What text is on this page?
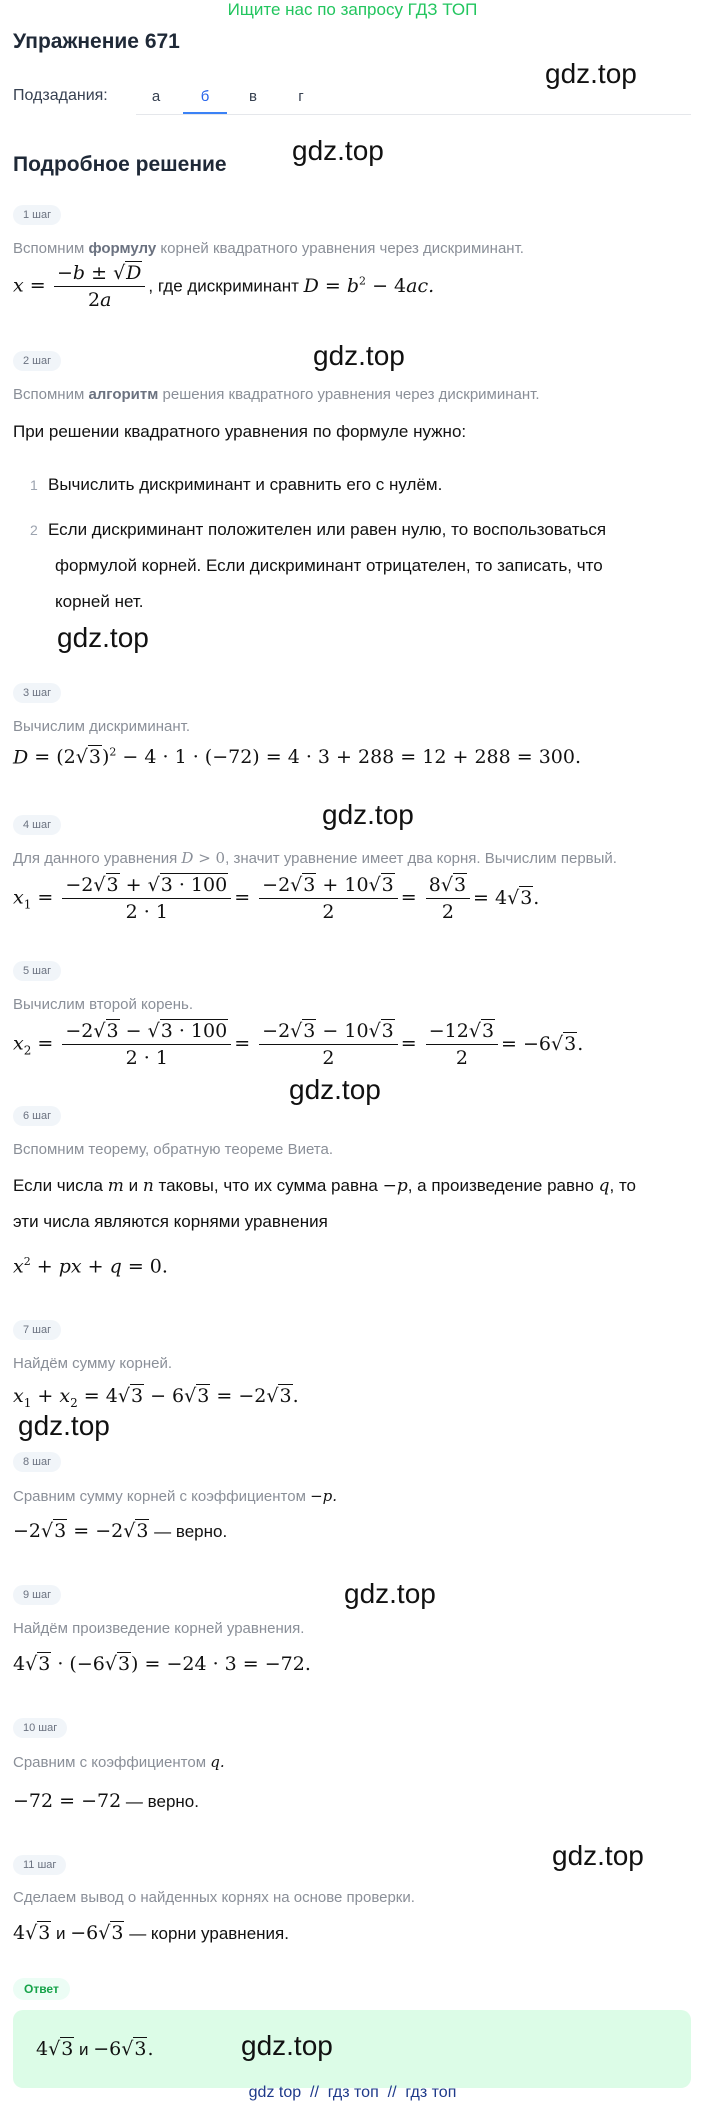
Ищите нас по запросу ГДЗ ТОП
Упражнение 671
Подзадания:	а	б	в	г
gdz.top
gdz.top
gdz.top
gdz.top
gdz.top
gdz.top
gdz.top
gdz.top
gdz.top
Подробное решение
1 шаг
Вспомним формулу корней квадратного уравнения через дискриминант.
$x = \frac{-b \pm √D}{2a}$ , где дискриминант $D = b^2 - 4ac$.
2 шаг
Вспомним алгоритм решения квадратного уравнения через дискриминант.
При решении квадратного уравнения по формуле нужно:
1 Вычислить дискриминант и сравнить его с нулём.
2 Если дискриминант положителен или равен нулю, то воспользоваться
формулой корней. Если дискриминант отрицателен, то записать, что
корней нет.
3 шаг
Вычислим дискриминант.
$D = (2√3)^2 - 4 \cdot 1 \cdot (-72) = 4 \cdot 3 + 288 = 12 + 288 = 300$.
4 шаг
Для данного уравнения D > 0, значит уравнение имеет два корня. Вычислим первый.
$x_1 = \frac{-2√3 + √3 \cdot 100}{2 \cdot 1} = \frac{-2√3 + 10√3}{2} = \frac{8√3}{2} = 4√3$.
5 шаг
Вычислим второй корень.
$x_2 = \frac{-2√3 - √3 \cdot 100}{2 \cdot 1} = \frac{-2√3 - 10√3}{2} = \frac{-12√3}{2} = -6√3$.
6 шаг
Вспомним теорему, обратную теореме Виета.
Если числа m и n таковы, что их сумма равна −p, а произведение равно q, то
эти числа являются корнями уравнения
$x^2$ + px + q = 0.
7 шаг
Найдём сумму корней.
$x_1 + x_2 = 4√3 - 6√3 = -2√3$.
8 шаг
Сравним сумму корней с коэффициентом −p.
−2√3 = −2√3 — верно.
9 шаг
Найдём произведение корней уравнения.
4√3 · (−6√3) = −24 · 3 = −72.
10 шаг
Сравним с коэффициентом q.
−72 = −72 — верно.
11 шаг
Сделаем вывод о найденных корнях на основе проверки.
4√3 и −6√3 — корни уравнения.
Ответ
4√3 и −6√3.	gdz.top
gdz top  //  гдз топ  //  гдз топ
